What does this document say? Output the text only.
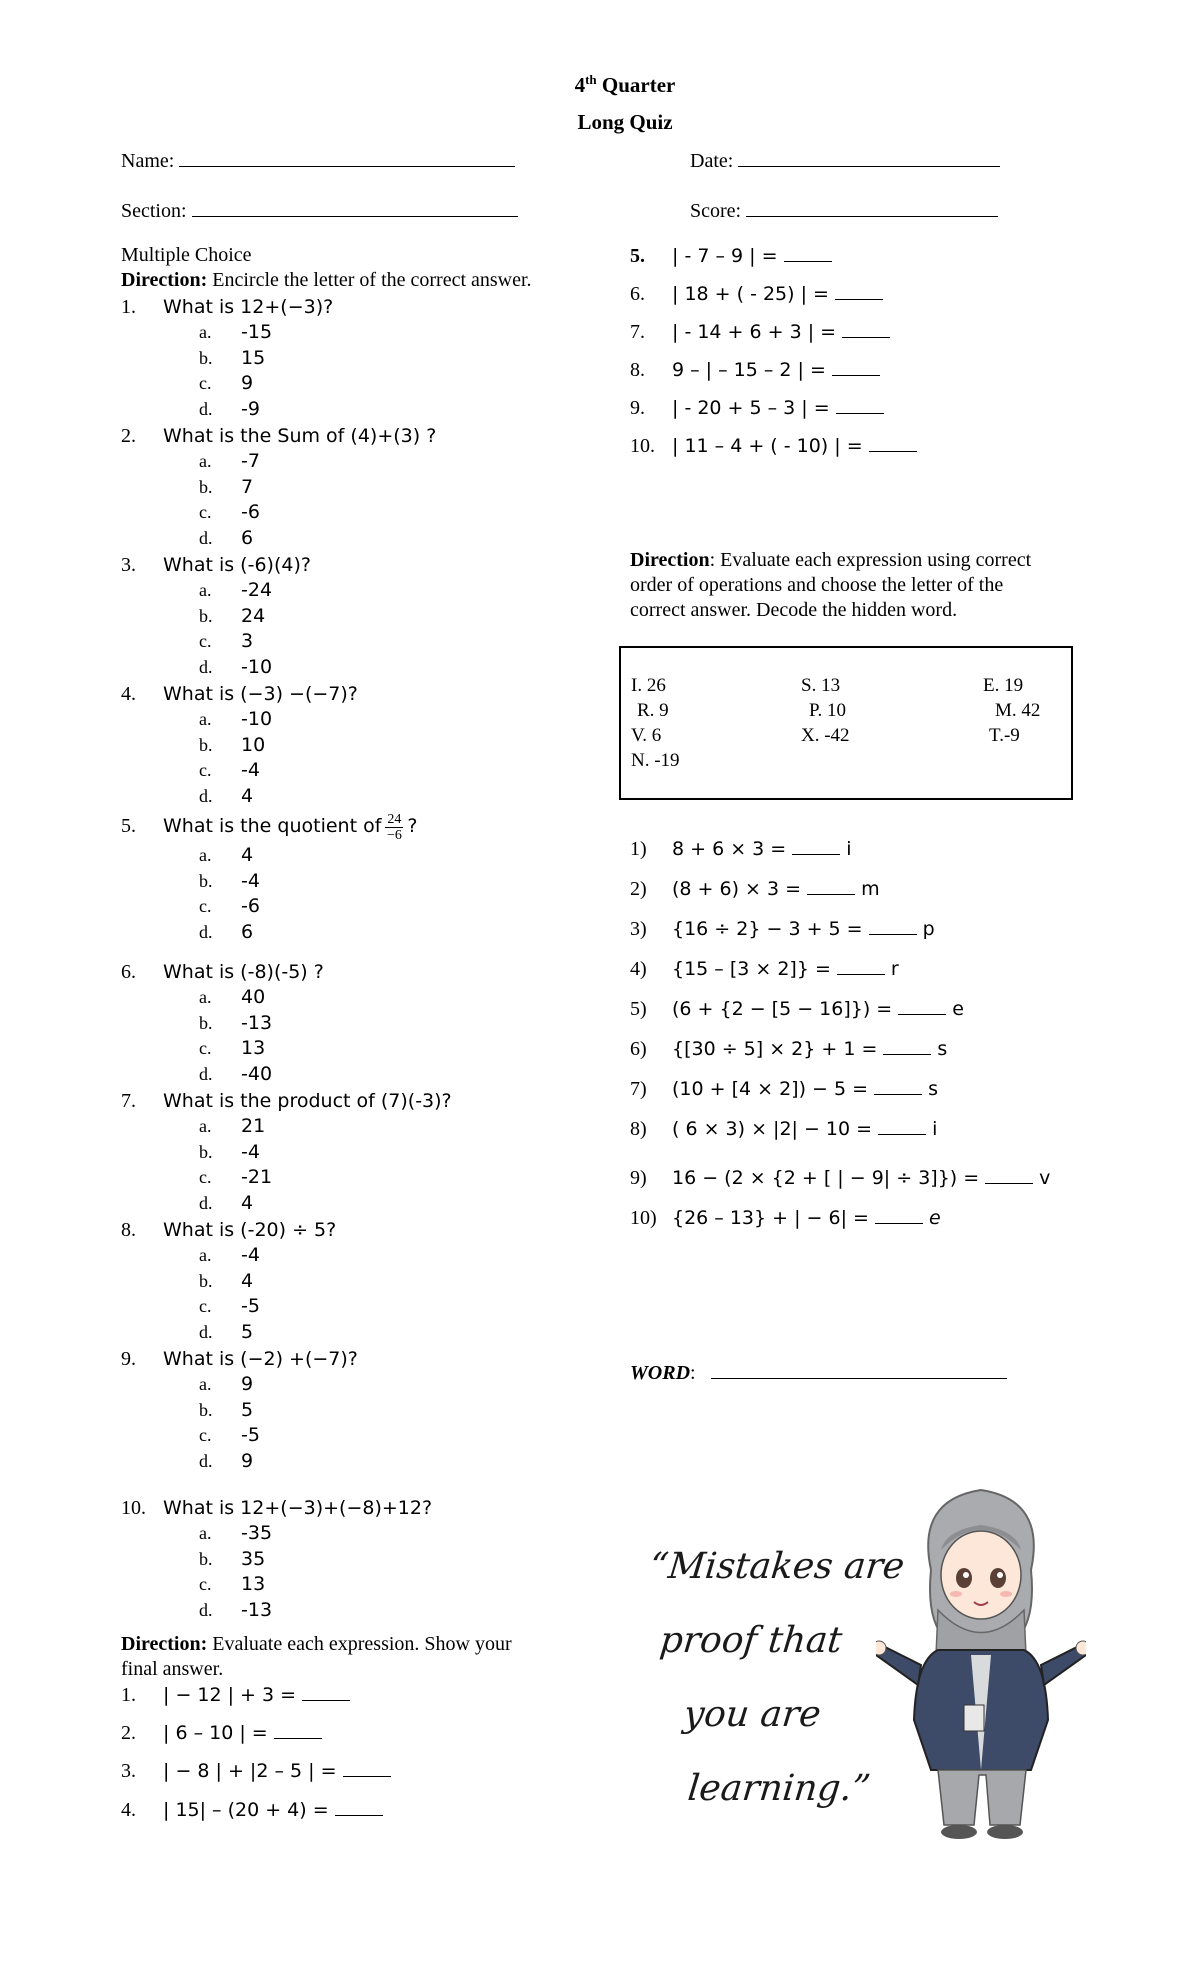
4th Quarter
Long Quiz
Name:	Date:
Section:	Score:
Multiple Choice
Direction: Encircle the letter of the correct answer.
1. What is 12+(−3)?
a. -15
b. 15
c. 9
d. -9
2. What is the Sum of (4)+(3) ?
a. -7
b. 7
c. -6
d. 6
3. What is (-6)(4)?
a. -24
b. 24
c. 3
d. -10
4. What is (−3) −(−7)?
a. -10
b. 10
c. -4
d. 4
5. What is the quotient of $\frac{24}{-6}$ ?
a. 4
b. -4
c. -6
d. 6
6. What is (-8)(-5) ?
a. 40
b. -13
c. 13
d. -40
7. What is the product of (7)(-3)?
a. 21
b. -4
c. -21
d. 4
8. What is (-20) ÷ 5?
a. -4
b. 4
c. -5
d. 5
9. What is (−2) +(−7)?
a. 9
b. 5
c. -5
d. 9
10. What is 12+(−3)+(−8)+12?
a. -35
b. 35
c. 13
d. -13
Direction: Evaluate each expression. Show your
final answer.
1. | − 12 | + 3 =
2. | 6 – 10 | =
3. | − 8 | + |2 – 5 | =
4. | 15| – (20 + 4) =
5. | - 7 – 9 | =
6. | 18 + ( - 25) | =
7. | - 14 + 6 + 3 | =
8. 9 – | – 15 – 2 | =
9. | - 20 + 5 – 3 | =
10. | 11 – 4 + ( - 10) | =
Direction: Evaluate each expression using correct
order of operations and choose the letter of the
correct answer. Decode the hidden word.
I. 26	S. 13	E. 19
R. 9	P. 10	M. 42
V. 6	X. -42	T.-9
N. -19
1) 8 + 6 × 3 =	i
2) (8 + 6) × 3 =	m
3) {16 ÷ 2} − 3 + 5 =	p
4) {15 – [3 × 2]} =	r
5) (6 + {2 − [5 − 16]}) =	e
6) {[30 ÷ 5] × 2} + 1 =	s
7) (10 + [4 × 2]) − 5 =	s
8) ( 6 × 3) × |2| − 10 =	i
9) 16 − (2 × {2 + [ | − 9| ÷ 3]}) =	v
10) {26 – 13} + | − 6| =	e
WORD:
“Mistakes are
proof that
you are
learning.”
